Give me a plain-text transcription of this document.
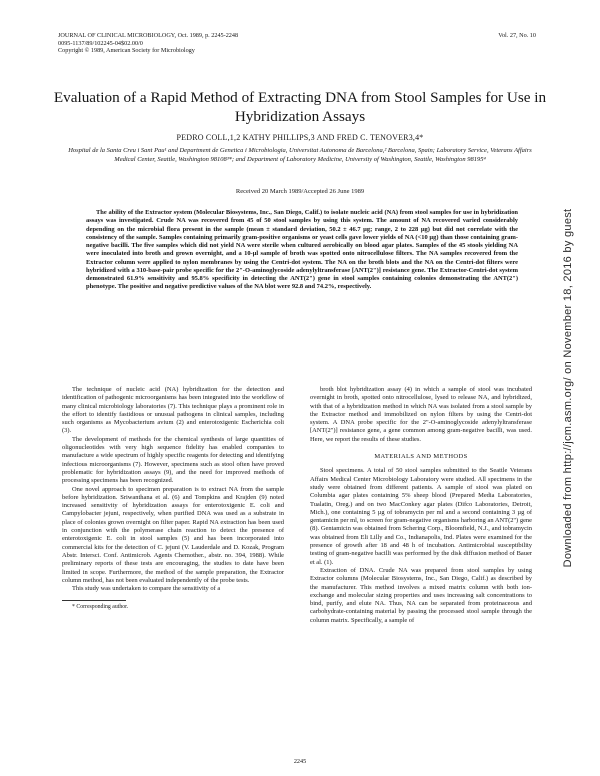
JOURNAL OF CLINICAL MICROBIOLOGY, Oct. 1989, p. 2245-2248
0095-1137/89/102245-04$02.00/0
Copyright © 1989, American Society for Microbiology
Vol. 27, No. 10
Evaluation of a Rapid Method of Extracting DNA from Stool Samples for Use in Hybridization Assays
PEDRO COLL,1,2 KATHY PHILLIPS,3 AND FRED C. TENOVER3,4*
Hospital de la Santa Creu i Sant Pau¹ and Department de Genetica i Microbiologia, Universitat Autonoma de Barcelona,² Barcelona, Spain; Laboratory Service, Veterans Affairs Medical Center, Seattle, Washington 98108³*; and Department of Laboratory Medicine, University of Washington, Seattle, Washington 98195⁴
Received 20 March 1989/Accepted 26 June 1989

The ability of the Extractor system (Molecular Biosystems, Inc., San Diego, Calif.) to isolate nucleic acid (NA) from stool samples for use in hybridization assays was investigated. Crude NA was recovered from 45 of 50 stool samples by using this system. The amount of NA recovered varied considerably depending on the microbial flora present in the sample (mean ± standard deviation, 50.2 ± 46.7 µg; range, 2 to 228 µg) but did not correlate with the consistency of the sample. Samples containing primarily gram-positive organisms or yeast cells gave lower yields of NA (<10 µg) than those containing gram-negative bacilli. The five samples which did not yield NA were sterile when cultured aerobically on blood agar plates. Samples of the 45 stools yielding NA were inoculated into broth and grown overnight, and a 10-µl sample of broth was spotted onto nitrocellulose filters. The NA samples recovered from the Extractor column were applied to nylon membranes by using the Centri-dot system. The NA on the broth blots and the NA on the Centri-dot filters were hybridized with a 310-base-pair probe specific for the 2"-O-aminoglycoside adenylyltransferase [ANT(2")] resistance gene. The Extractor-Centri-dot system demonstrated 61.9% sensitivity and 95.8% specificity in detecting the ANT(2") gene in stool samples containing colonies demonstrating the ANT(2") phenotype. The positive and negative predictive values of the NA blot were 92.8 and 74.2%, respectively.

The technique of nucleic acid (NA) hybridization for the detection and identification of pathogenic microorganisms has been integrated into the workflow of many clinical microbiology laboratories (7). This technique plays a prominent role in the effort to identify fastidious or unusual pathogens in clinical samples, including such organisms as Mycobacterium avium (2) and enterotoxigenic Escherichia coli (3).

The development of methods for the chemical synthesis of large quantities of oligonucleotides with very high sequence fidelity has enabled companies to manufacture a wide spectrum of highly specific reagents for detecting and identifying infectious microorganisms (7). However, specimens such as stool often have proved problematic for hybridization assays (9), and the need for improved methods of processing specimens has been recognized.

One novel approach to specimen preparation is to extract NA from the sample before hybridization. Sriwanthana et al. (6) and Tompkins and Krajden (9) noted increased sensitivity of hybridization assays for enterotoxigenic E. coli and Campylobacter jejuni, respectively, when purified DNA was used as a substrate in place of colonies grown overnight on filter paper. Rapid NA extraction has been used in conjunction with the polymerase chain reaction to detect the presence of enterotoxigenic E. coli in stool samples (5) and has been incorporated into commercial kits for the detection of C. jejuni (V. Lauderdale and D. Kozak, Program Abstr. Intersci. Conf. Antimicrob. Agents Chemother., abstr. no. 394, 1988). While preliminary reports of these tests are encouraging, the studies to date have been limited in scope. Furthermore, the method of the sample preparation, the Extractor column method, has not been evaluated independently of the probe tests.

This study was undertaken to compare the sensitivity of a

* Corresponding author.

broth blot hybridization assay (4) in which a sample of stool was incubated overnight in broth, spotted onto nitrocellulose, lysed to release NA, and hybridized, with that of a hybridization method in which NA was isolated from a stool sample by the Extractor method and immobilized on nylon filters by using the Centri-dot system. A DNA probe specific for the 2"-O-aminoglycoside adenylyltransferase [ANT(2")] resistance gene, a gene common among gram-negative bacilli, was used. Here, we report the results of these studies.

MATERIALS AND METHODS

Stool specimens. A total of 50 stool samples submitted to the Seattle Veterans Affairs Medical Center Microbiology Laboratory were studied. All specimens in the study were obtained from different patients. A sample of stool was plated on Columbia agar plates containing 5% sheep blood (Prepared Media Laboratories, Tualatin, Oreg.) and on two MacConkey agar plates (Difco Laboratories, Detroit, Mich.), one containing 5 µg of tobramycin per ml and a second containing 3 µg of gentamicin per ml, to screen for gram-negative organisms harboring an ANT(2") gene (8). Gentamicin was obtained from Schering Corp., Bloomfield, N.J., and tobramycin was obtained from Eli Lilly and Co., Indianapolis, Ind. Plates were examined for the presence of growth after 18 and 48 h of incubation. Antimicrobial susceptibility testing of gram-negative bacilli was performed by the disk diffusion method of Bauer et al. (1).

Extraction of DNA. Crude NA was prepared from stool samples by using Extractor columns (Molecular Biosystems, Inc., San Diego, Calif.) as described by the manufacturer. This method involves a mixed matrix column with both ion-exchange and molecular sizing properties and uses increasing salt concentrations to bind, purify, and elute NA. Thus, NA can be separated from proteinaceous and carbohydrate-containing material by passing the processed stool sample through the column matrix. Specifically, a sample of

2245
Downloaded from http://jcm.asm.org/ on November 18, 2016 by guest
